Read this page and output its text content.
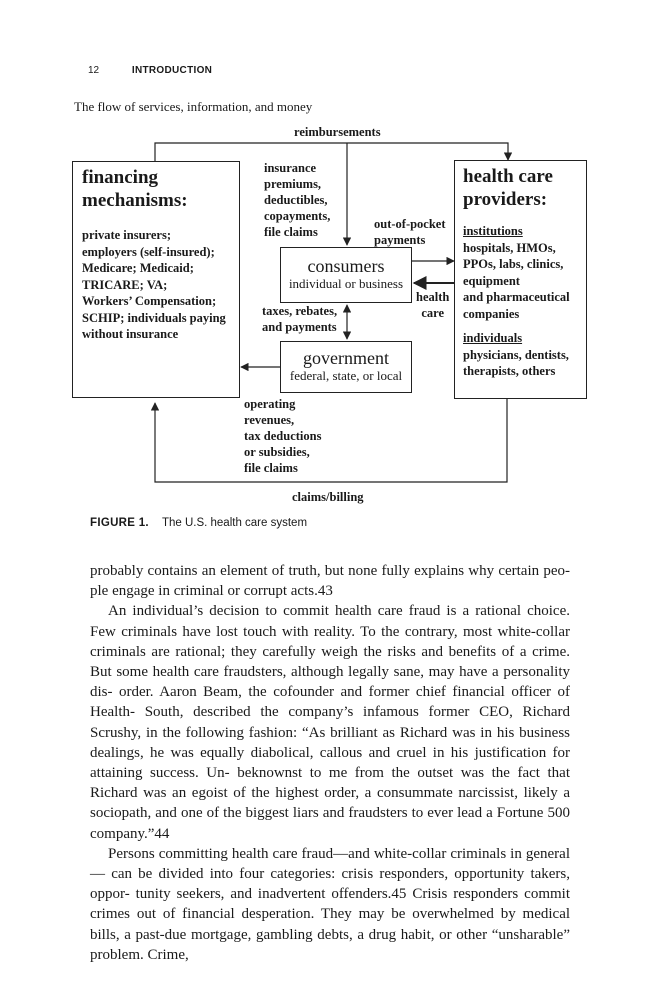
12	INTRODUCTION
The flow of services, information, and money
reimbursements
financing
mechanisms:
private insurers;
employers (self-insured);
Medicare; Medicaid;
TRICARE; VA;
Workers’ Compensation;
SCHIP; individuals paying
without insurance
health care
providers:
institutions
hospitals, HMOs,
PPOs, labs, clinics,
equipment
and pharmaceutical
companies
individuals
physicians, dentists,
therapists, others
insurance
premiums,
deductibles,
copayments,
file claims
out-of-pocket
payments
consumers
individual or business
health
care
taxes, rebates,
and payments
government
federal, state, or local
operating
revenues,
tax deductions
or subsidies,
file claims
claims/billing
FIGURE 1. The U.S. health care system

probably contains an element of truth, but none fully explains why certain peo- ple engage in criminal or corrupt acts.43

An individual’s decision to commit health care fraud is a rational choice. Few criminals have lost touch with reality. To the contrary, most white-collar criminals are rational; they carefully weigh the risks and benefits of a crime. But some health care fraudsters, although legally sane, may have a personality dis- order. Aaron Beam, the cofounder and former chief financial officer of Health- South, described the company’s infamous former CEO, Richard Scrushy, in the following fashion: “As brilliant as Richard was in his business dealings, he was equally diabolical, callous and cruel in his justification for attaining success. Un- beknownst to me from the outset was the fact that Richard was an egoist of the highest order, a consummate narcissist, likely a sociopath, and one of the biggest liars and fraudsters to ever lead a Fortune 500 company.”44

Persons committing health care fraud—and white-collar criminals in general— can be divided into four categories: crisis responders, opportunity takers, oppor- tunity seekers, and inadvertent offenders.45 Crisis responders commit crimes out of financial desperation. They may be overwhelmed by medical bills, a past-due mortgage, gambling debts, a drug habit, or other “unsharable” problem. Crime,
